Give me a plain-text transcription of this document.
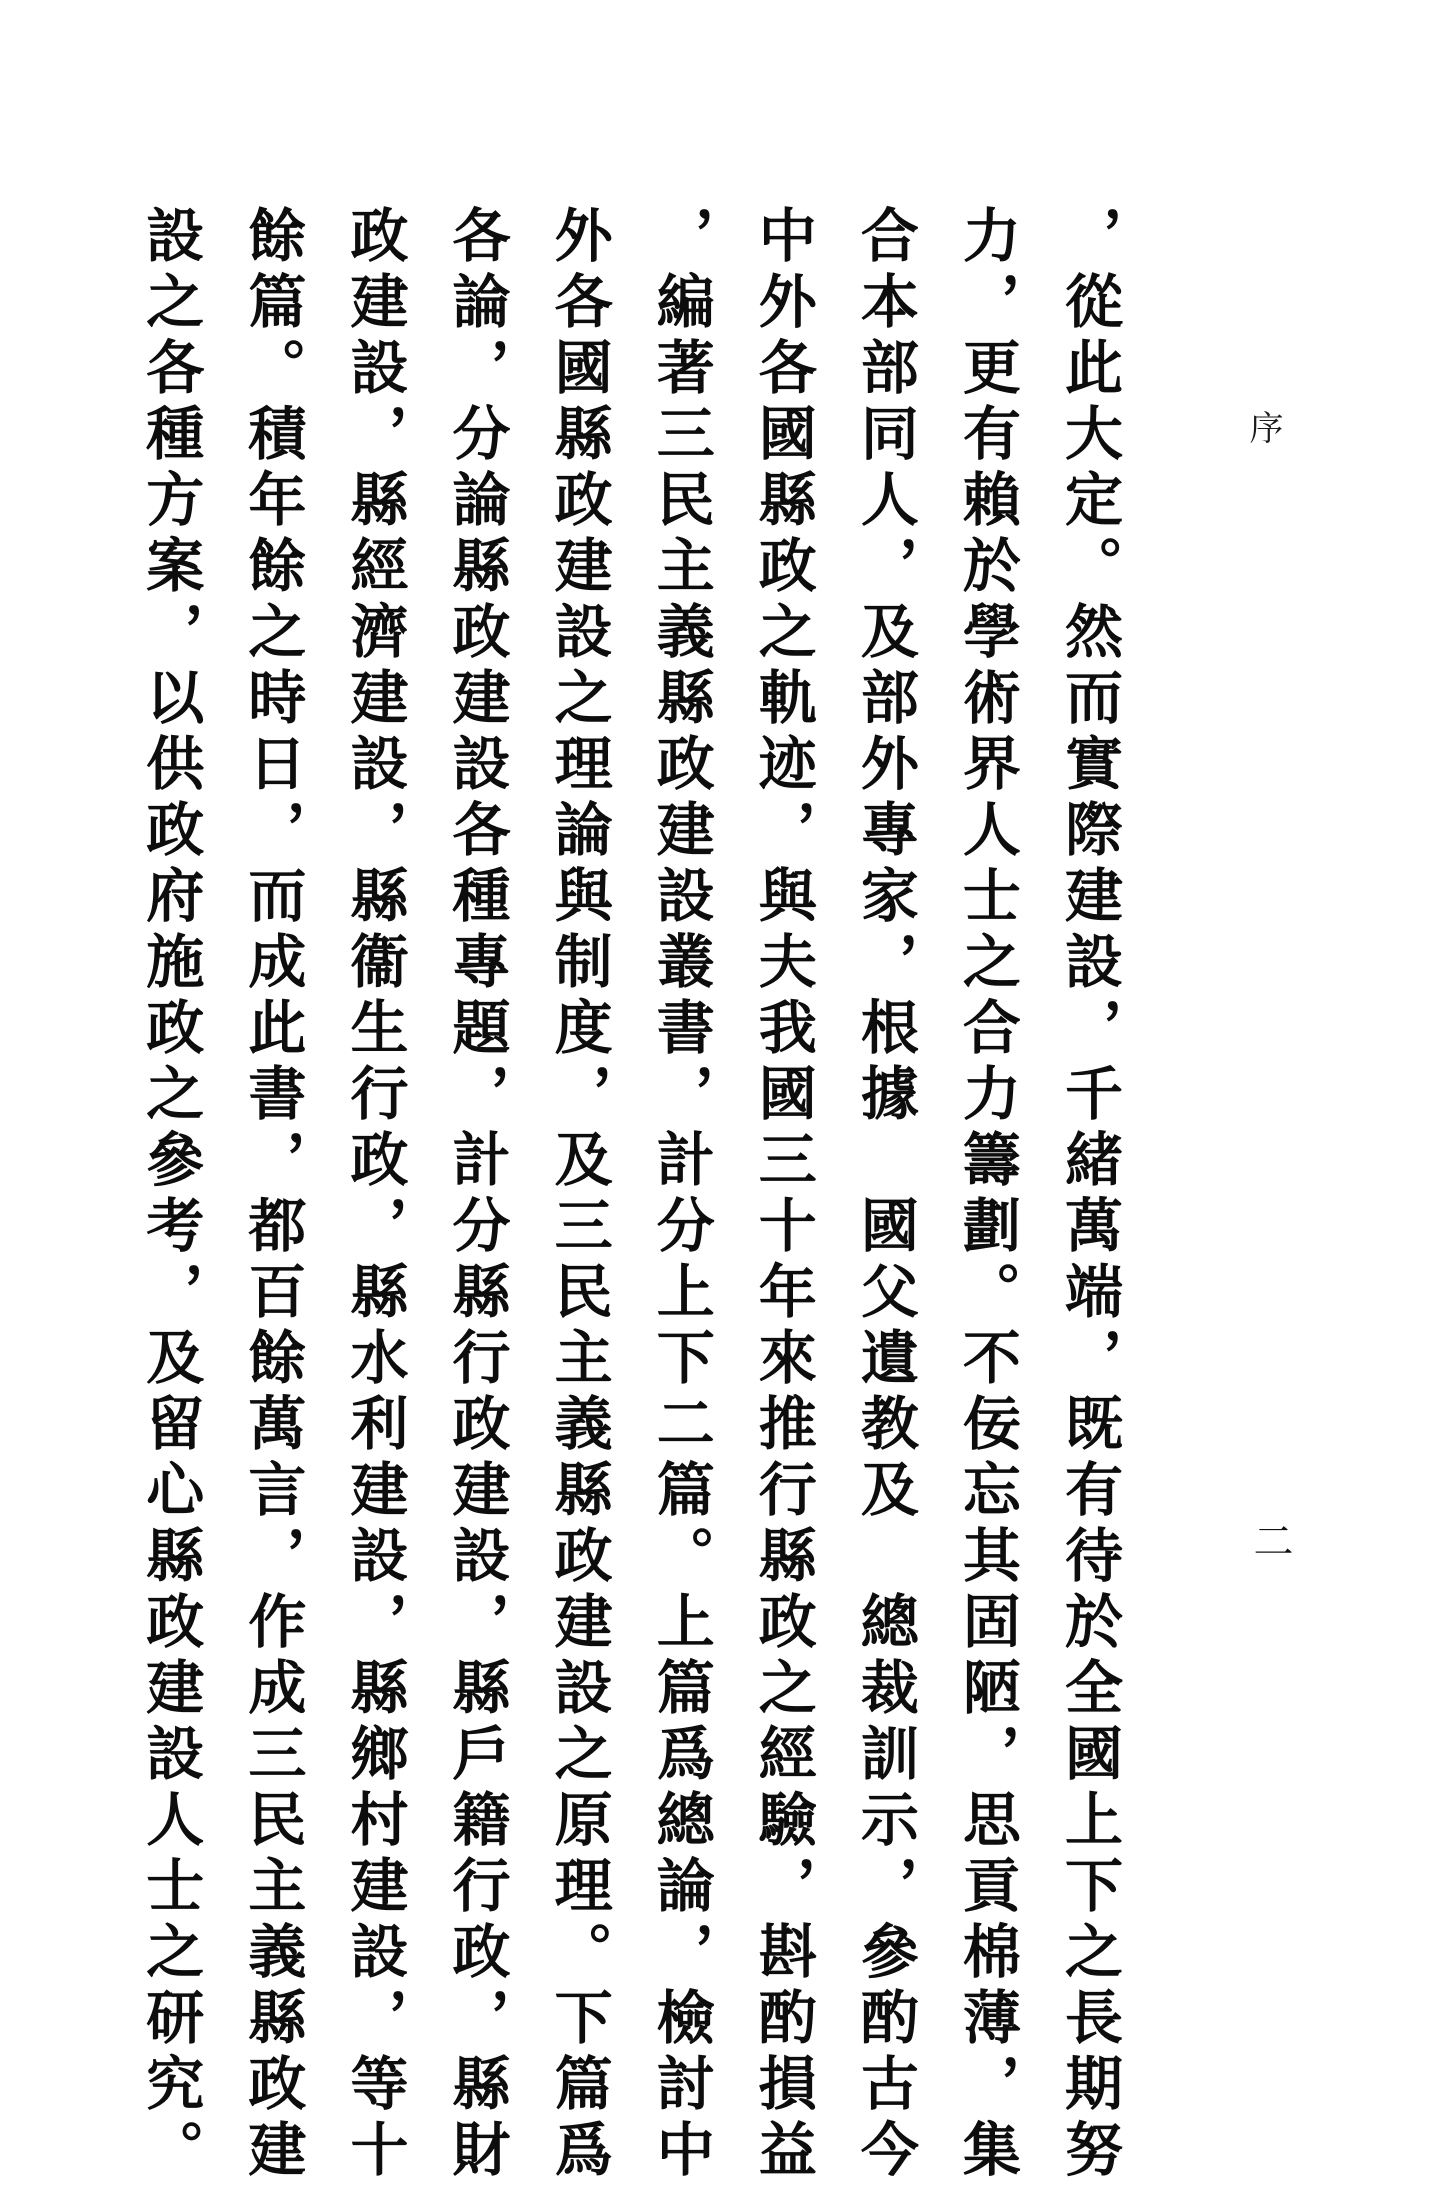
序
二
，從此大定。然而實際建設，千緒萬端，既有待於全國上下之長期努
力，更有賴於學術界人士之合力籌劃。不佞忘其固陋，思貢棉薄，集
合本部同人，及部外專家，根據　國父遺教及　總裁訓示，參酌古今
中外各國縣政之軌迹，與夫我國三十年來推行縣政之經驗，斟酌損益
，編著三民主義縣政建設叢書，計分上下二篇。上篇爲總論，檢討中
外各國縣政建設之理論與制度，及三民主義縣政建設之原理。下篇爲
各論，分論縣政建設各種專題，計分縣行政建設，縣戶籍行政，縣財
政建設，縣經濟建設，縣衞生行政，縣水利建設，縣鄉村建設，等十
餘篇。積年餘之時日，而成此書，都百餘萬言，作成三民主義縣政建
設之各種方案，以供政府施政之參考，及留心縣政建設人士之研究。
